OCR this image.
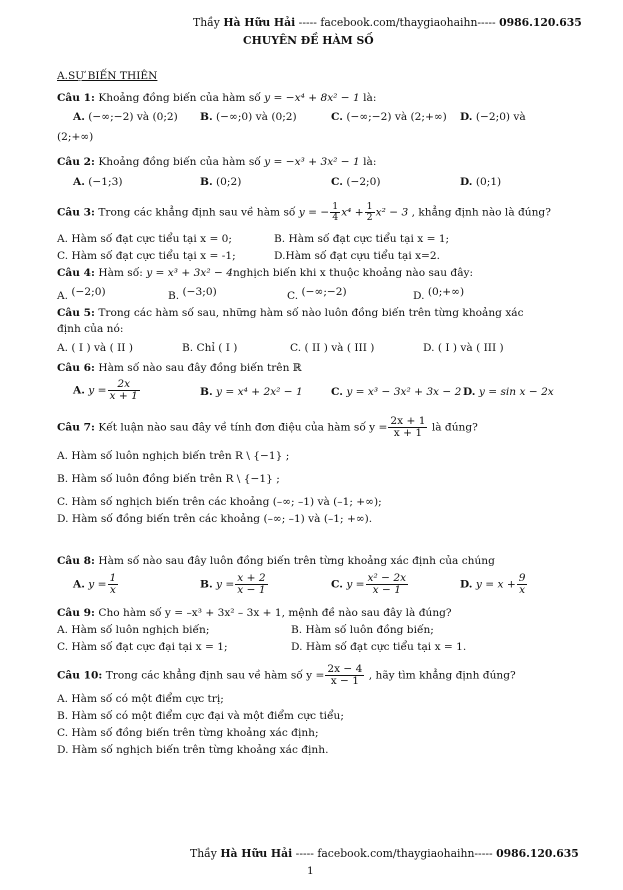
Thầy Hà Hữu Hải ----- facebook.com/thaygiaohaihn----- 0986.120.635
CHUYÊN ĐỀ HÀM SỐ
A.SỰ BIẾN THIÊN
Câu 1: Khoảng đồng biến của hàm số y = −x⁴ + 8x² − 1 là:
A. (−∞;−2) và (0;2) B. (−∞;0) và (0;2)	C. (−∞;−2) và (2;+∞) D. (−2;0) và
(2;+∞)
Câu 2: Khoảng đồng biến của hàm số y = −x³ + 3x² − 1 là:
A. (−1;3)	B. (0;2)	C. (−2;0)	D. (0;1)
Câu 3: Trong các khẳng định sau về hàm số y = − $\frac{1}{4} x^4 + \frac{1}{2} x^2 - 3$ , khẳng định nào là đúng?
A. Hàm số đạt cực tiểu tại x = 0;	B. Hàm số đạt cực tiểu tại x = 1;
C. Hàm số đạt cực tiểu tại x = -1;	D.Hàm số đạt cựu tiểu tại x=2.
Câu 4: Hàm số: y = x³ + 3x² − 4nghịch biến khi x thuộc khoảng nào sau đây:
A. (−2;0)	B. (−3;0)	C. (−∞;−2)	D. (0;+∞)
Câu 5: Trong các hàm số sau, những hàm số nào luôn đồng biến trên từng khoảng xác
định của nó:
A. ( I ) và ( II )	B. Chỉ ( I )	C. ( II ) và ( III )	D. ( I ) và ( III )
Câu 6: Hàm số nào sau đây đồng biến trên ℝ
A. $y = \frac{2x}{x + 1}$	B. y = x⁴ + 2x² − 1	C. y = x³ − 3x² + 3x − 2 D. y = sin x − 2x
Câu 7: Kết luận nào sau đây về tính đơn điệu của hàm số $y = \frac{2x + 1}{x + 1}$ là đúng?
A. Hàm số luôn nghịch biến trên R \ {−1} ;
B. Hàm số luôn đồng biến trên R \ {−1} ;
C. Hàm số nghịch biến trên các khoảng (–∞; –1) và (–1; +∞);
D. Hàm số đồng biến trên các khoảng (–∞; –1) và (–1; +∞).
Câu 8: Hàm số nào sau đây luôn đồng biến trên từng khoảng xác định của chúng
A. $y = \frac{1}{x}$	B. $y = \frac{x + 2}{x - 1}$	C. $y = \frac{\text{x² − 2x}}{x - 1}$	D. $y = x + \frac{9}{x}$
Câu 9: Cho hàm số y = –x³ + 3x² – 3x + 1, mệnh đề nào sau đây là đúng?
A. Hàm số luôn nghịch biến;	B. Hàm số luôn đồng biến;
C. Hàm số đạt cực đại tại x = 1;	D. Hàm số đạt cực tiểu tại x = 1.
Câu 10: Trong các khẳng định sau về hàm số $y = \frac{2x - 4}{x - 1}$ , hãy tìm khẳng định đúng?
A. Hàm số có một điểm cực trị;
B. Hàm số có một điểm cực đại và một điểm cực tiểu;
C. Hàm số đồng biến trên từng khoảng xác định;
D. Hàm số nghịch biến trên từng khoảng xác định.
Thầy Hà Hữu Hải ----- facebook.com/thaygiaohaihn----- 0986.120.635
1
